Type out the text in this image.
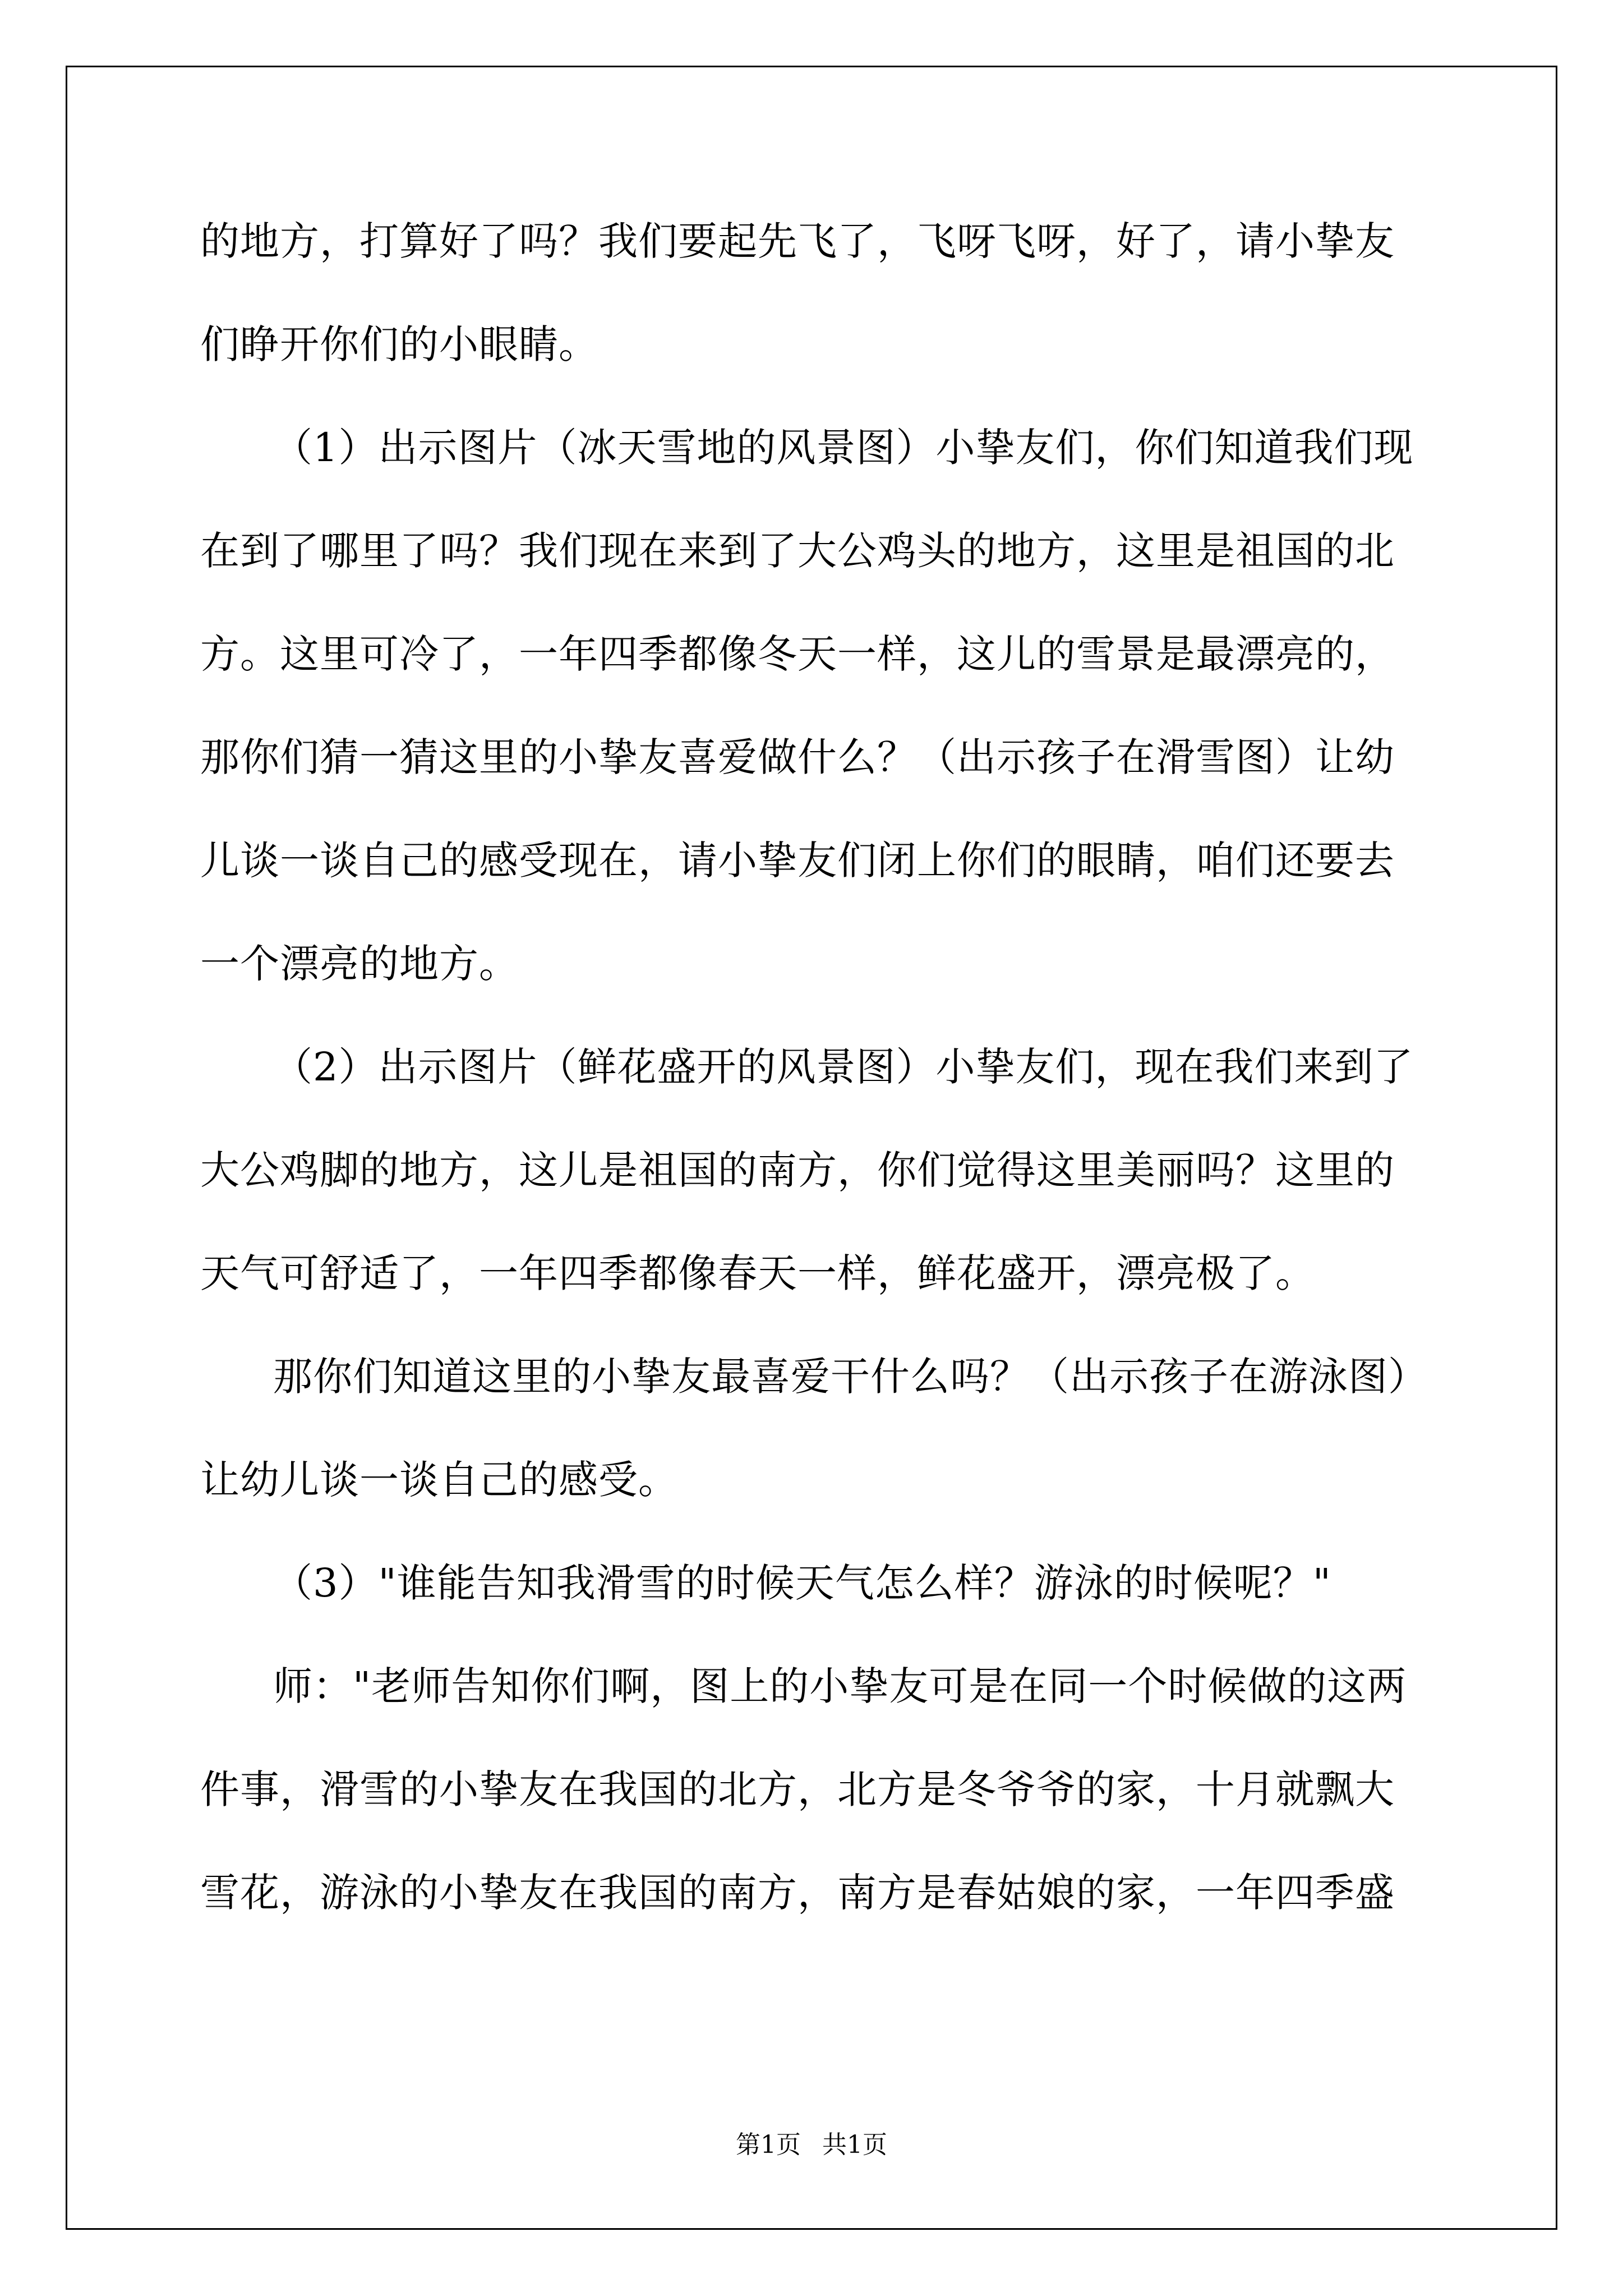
的地方，打算好了吗？我们要起先飞了，飞呀飞呀，好了，请小挚友
们睁开你们的小眼睛。
（1）出示图片（冰天雪地的风景图）小挚友们，你们知道我们现
在到了哪里了吗？我们现在来到了大公鸡头的地方，这里是祖国的北
方。这里可冷了，一年四季都像冬天一样，这儿的雪景是最漂亮的，
那你们猜一猜这里的小挚友喜爱做什么？（出示孩子在滑雪图）让幼
儿谈一谈自己的感受现在，请小挚友们闭上你们的眼睛，咱们还要去
一个漂亮的地方。
（2）出示图片（鲜花盛开的风景图）小挚友们，现在我们来到了
大公鸡脚的地方，这儿是祖国的南方，你们觉得这里美丽吗？这里的
天气可舒适了，一年四季都像春天一样，鲜花盛开，漂亮极了。
那你们知道这里的小挚友最喜爱干什么吗？（出示孩子在游泳图）
让幼儿谈一谈自己的感受。
（3）"谁能告知我滑雪的时候天气怎么样？游泳的时候呢？"
师："老师告知你们啊，图上的小挚友可是在同一个时候做的这两
件事，滑雪的小挚友在我国的北方，北方是冬爷爷的家，十月就飘大
雪花，游泳的小挚友在我国的南方，南方是春姑娘的家，一年四季盛
第1页 共1页
